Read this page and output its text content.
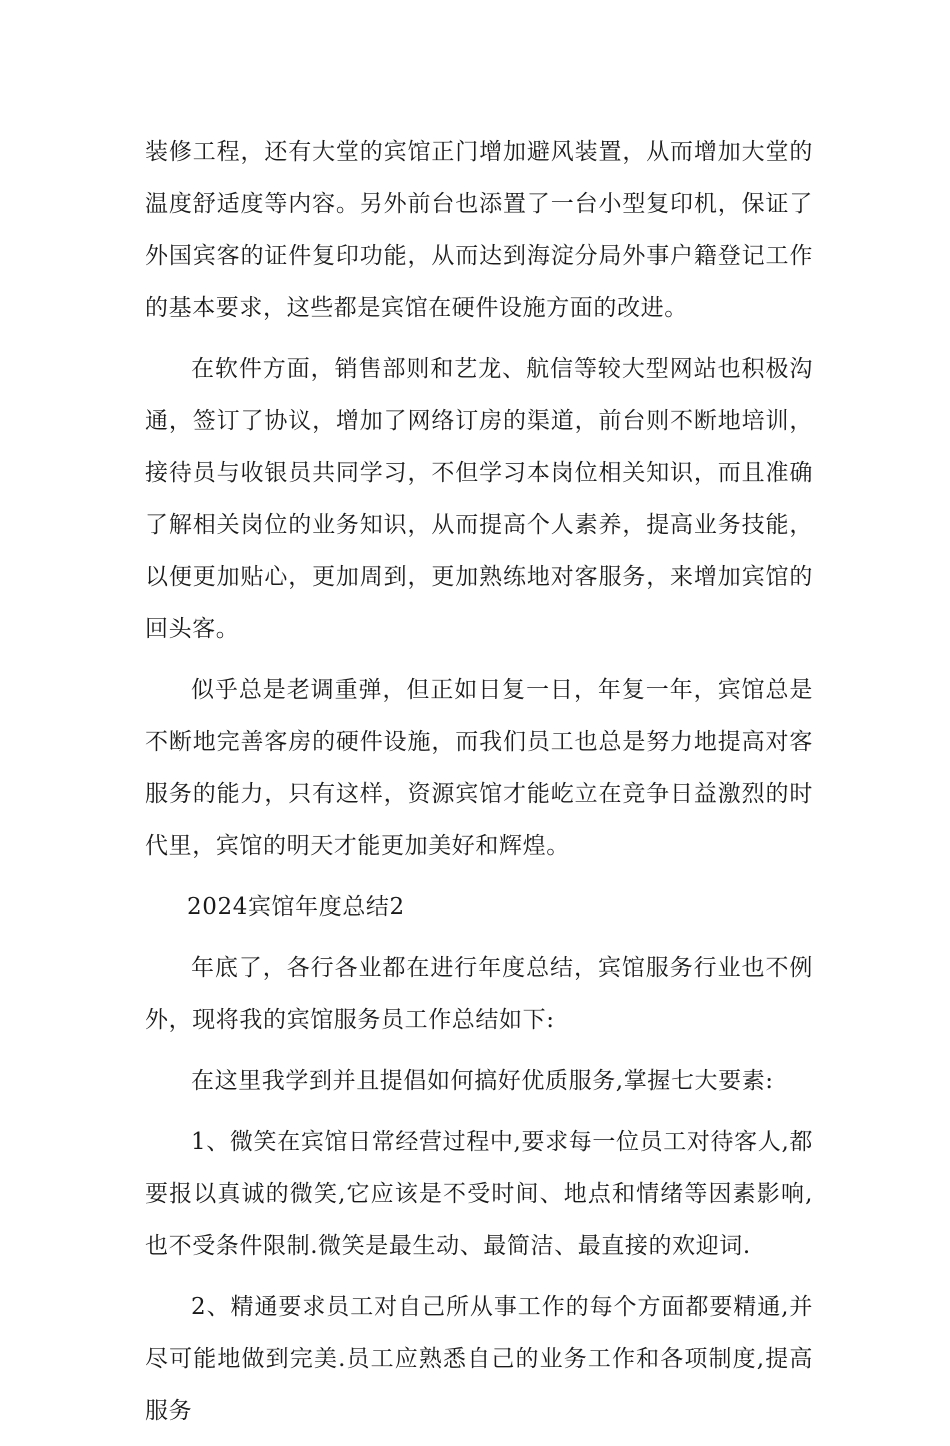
装修工程，还有大堂的宾馆正门增加避风装置，从而增加大堂的温度舒适度等内容。另外前台也添置了一台小型复印机，保证了外国宾客的证件复印功能，从而达到海淀分局外事户籍登记工作的基本要求，这些都是宾馆在硬件设施方面的改进。

在软件方面，销售部则和艺龙、航信等较大型网站也积极沟通，签订了协议，增加了网络订房的渠道，前台则不断地培训，接待员与收银员共同学习，不但学习本岗位相关知识，而且准确了解相关岗位的业务知识，从而提高个人素养，提高业务技能，以便更加贴心，更加周到，更加熟练地对客服务，来增加宾馆的回头客。

似乎总是老调重弹，但正如日复一日，年复一年，宾馆总是不断地完善客房的硬件设施，而我们员工也总是努力地提高对客服务的能力，只有这样，资源宾馆才能屹立在竞争日益激烈的时代里，宾馆的明天才能更加美好和辉煌。

2024宾馆年度总结2

年底了，各行各业都在进行年度总结，宾馆服务行业也不例外，现将我的宾馆服务员工作总结如下:

在这里我学到并且提倡如何搞好优质服务,掌握七大要素:

1、微笑在宾馆日常经营过程中,要求每一位员工对待客人,都要报以真诚的微笑,它应该是不受时间、地点和情绪等因素影响,也不受条件限制.微笑是最生动、最简洁、最直接的欢迎词.

2、精通要求员工对自己所从事工作的每个方面都要精通,并尽可能地做到完美.员工应熟悉自己的业务工作和各项制度,提高服务
